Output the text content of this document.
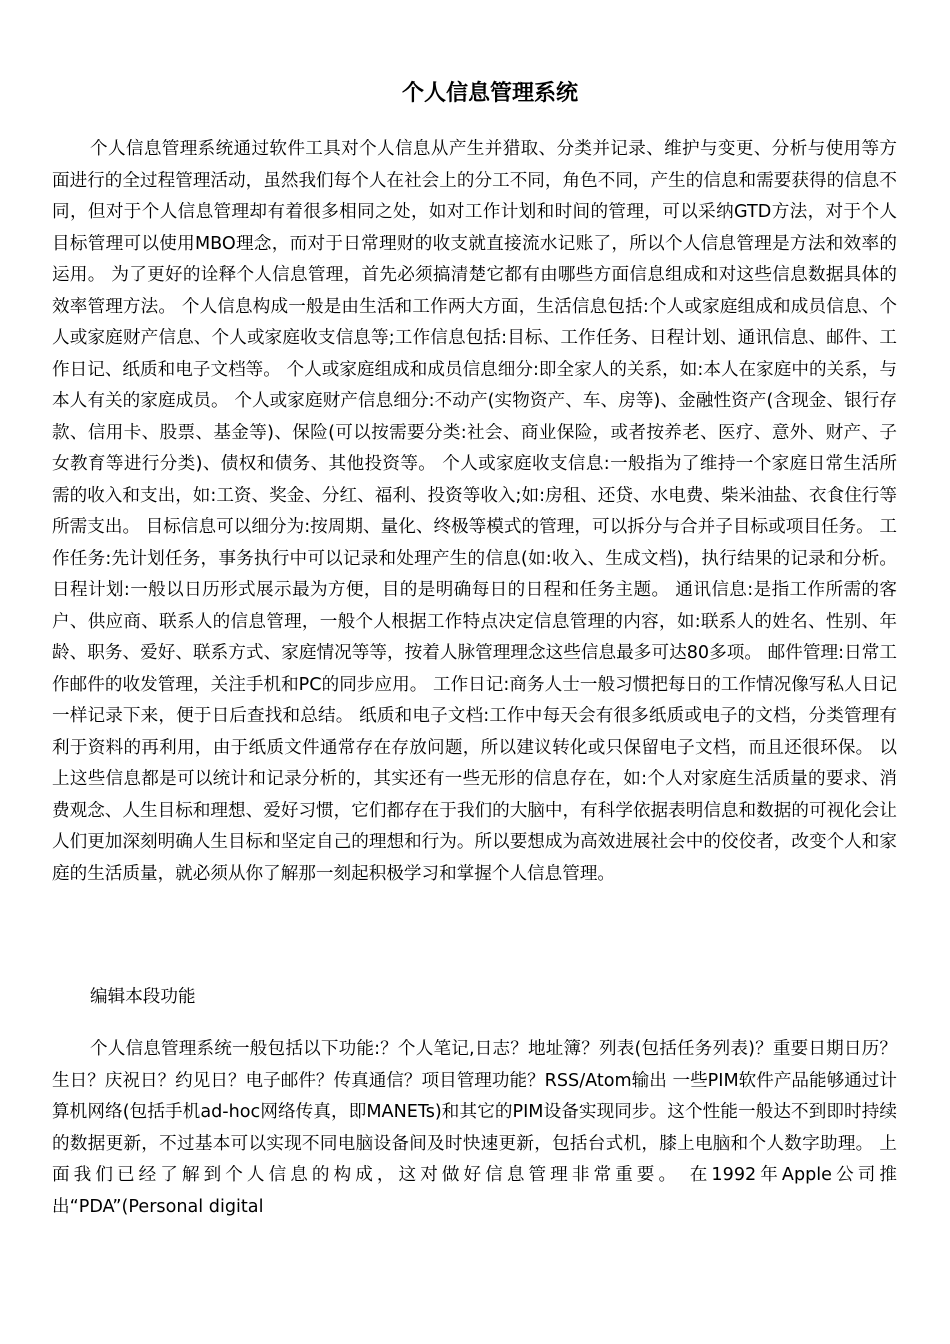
个人信息管理系统

个人信息管理系统通过软件工具对个人信息从产生并猎取、分类并记录、维护与变更、分析与使用等方面进行的全过程管理活动，虽然我们每个人在社会上的分工不同，角色不同，产生的信息和需要获得的信息不同，但对于个人信息管理却有着很多相同之处，如对工作计划和时间的管理，可以采纳GTD方法，对于个人目标管理可以使用MBO理念，而对于日常理财的收支就直接流水记账了，所以个人信息管理是方法和效率的运用。 为了更好的诠释个人信息管理，首先必须搞清楚它都有由哪些方面信息组成和对这些信息数据具体的效率管理方法。 个人信息构成一般是由生活和工作两大方面，生活信息包括:个人或家庭组成和成员信息、个人或家庭财产信息、个人或家庭收支信息等;工作信息包括:目标、工作任务、日程计划、通讯信息、邮件、工作日记、纸质和电子文档等。 个人或家庭组成和成员信息细分:即全家人的关系，如:本人在家庭中的关系，与本人有关的家庭成员。 个人或家庭财产信息细分:不动产(实物资产、车、房等)、金融性资产(含现金、银行存款、信用卡、股票、基金等)、保险(可以按需要分类:社会、商业保险，或者按养老、医疗、意外、财产、子女教育等进行分类)、债权和债务、其他投资等。 个人或家庭收支信息:一般指为了维持一个家庭日常生活所需的收入和支出，如:工资、奖金、分红、福利、投资等收入;如:房租、还贷、水电费、柴米油盐、衣食住行等所需支出。 目标信息可以细分为:按周期、量化、终极等模式的管理，可以拆分与合并子目标或项目任务。 工作任务:先计划任务，事务执行中可以记录和处理产生的信息(如:收入、生成文档)，执行结果的记录和分析。 日程计划:一般以日历形式展示最为方便，目的是明确每日的日程和任务主题。 通讯信息:是指工作所需的客户、供应商、联系人的信息管理，一般个人根据工作特点决定信息管理的内容，如:联系人的姓名、性别、年龄、职务、爱好、联系方式、家庭情况等等，按着人脉管理理念这些信息最多可达80多项。 邮件管理:日常工作邮件的收发管理，关注手机和PC的同步应用。 工作日记:商务人士一般习惯把每日的工作情况像写私人日记一样记录下来，便于日后查找和总结。 纸质和电子文档:工作中每天会有很多纸质或电子的文档，分类管理有利于资料的再利用，由于纸质文件通常存在存放问题，所以建议转化或只保留电子文档，而且还很环保。 以上这些信息都是可以统计和记录分析的，其实还有一些无形的信息存在，如:个人对家庭生活质量的要求、消费观念、人生目标和理想、爱好习惯，它们都存在于我们的大脑中，有科学依据表明信息和数据的可视化会让人们更加深刻明确人生目标和坚定自己的理想和行为。所以要想成为高效进展社会中的佼佼者，改变个人和家庭的生活质量，就必须从你了解那一刻起积极学习和掌握个人信息管理。

编辑本段功能

个人信息管理系统一般包括以下功能:？个人笔记,日志？地址簿？列表(包括任务列表)？重要日期日历？生日？庆祝日？约见日？电子邮件？传真通信？项目管理功能？RSS/Atom输出 一些PIM软件产品能够通过计算机网络(包括手机ad-hoc网络传真，即MANETs)和其它的PIM设备实现同步。这个性能一般达不到即时持续的数据更新，不过基本可以实现不同电脑设备间及时快速更新，包括台式机，膝上电脑和个人数字助理。 上面我们已经了解到个人信息的构成，这对做好信息管理非常重要。 在1992年Apple公司推出“PDA”(Personal digital
